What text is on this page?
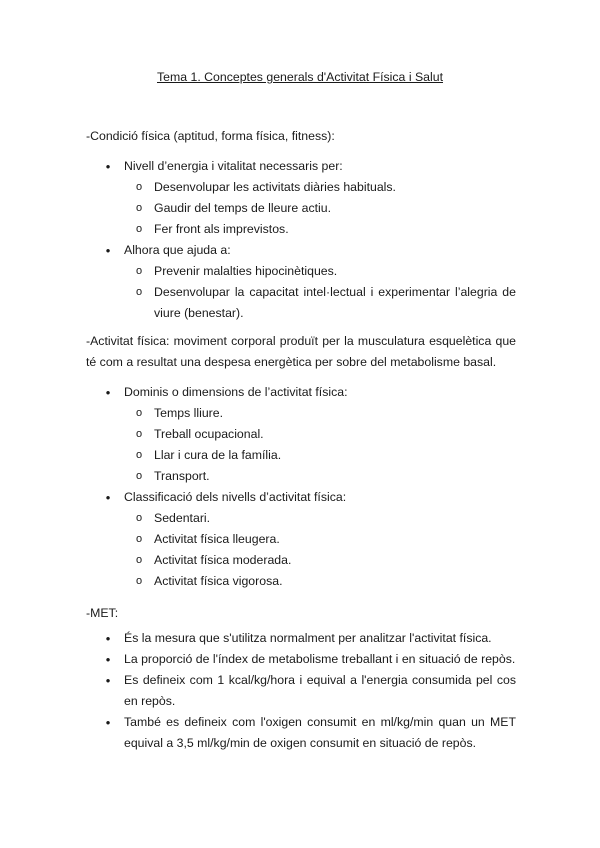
Tema 1. Conceptes generals d'Activitat Física i Salut
-Condició física (aptitud, forma física, fitness):
• Nivell d’energia i vitalitat necessaris per:
o Desenvolupar les activitats diàries habituals.
o Gaudir del temps de lleure actiu.
o Fer front als imprevistos.
• Alhora que ajuda a:
o Prevenir malalties hipocinètiques.
o Desenvolupar la capacitat intel·lectual i experimentar l’alegria de viure (benestar).
-Activitat física: moviment corporal produït per la musculatura esquelètica que té com a resultat una despesa energètica per sobre del metabolisme basal.
• Dominis o dimensions de l’activitat física:
o Temps lliure.
o Treball ocupacional.
o Llar i cura de la família.
o Transport.
• Classificació dels nivells d’activitat física:
o Sedentari.
o Activitat física lleugera.
o Activitat física moderada.
o Activitat física vigorosa.
-MET:
• És la mesura que s'utilitza normalment per analitzar l'activitat física.
• La proporció de l'índex de metabolisme treballant i en situació de repòs.
• Es defineix com 1 kcal/kg/hora i equival a l'energia consumida pel cos en repòs.
• També es defineix com l'oxigen consumit en ml/kg/min quan un MET equival a 3,5 ml/kg/min de oxigen consumit en situació de repòs.
